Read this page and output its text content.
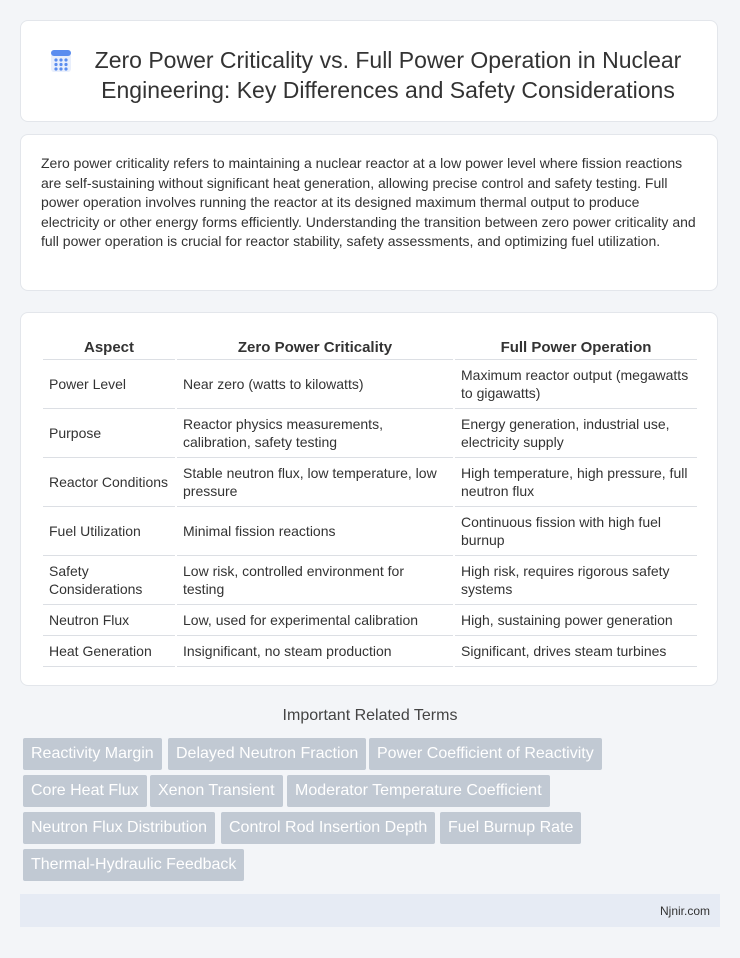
Zero Power Criticality vs. Full Power Operation in Nuclear Engineering: Key Differences and Safety Considerations

Zero power criticality refers to maintaining a nuclear reactor at a low power level where fission reactions are self-sustaining without significant heat generation, allowing precise control and safety testing. Full power operation involves running the reactor at its designed maximum thermal output to produce electricity or other energy forms efficiently. Understanding the transition between zero power criticality and full power operation is crucial for reactor stability, safety assessments, and optimizing fuel utilization.

Aspect	Zero Power Criticality	Full Power Operation
Power Level	Near zero (watts to kilowatts)	Maximum reactor output (megawatts to gigawatts)
Purpose	Reactor physics measurements, calibration, safety testing	Energy generation, industrial use, electricity supply
Reactor Conditions	Stable neutron flux, low temperature, low pressure	High temperature, high pressure, full neutron flux
Fuel Utilization	Minimal fission reactions	Continuous fission with high fuel burnup
Safety Considerations	Low risk, controlled environment for testing	High risk, requires rigorous safety systems
Neutron Flux	Low, used for experimental calibration	High, sustaining power generation
Heat Generation	Insignificant, no steam production	Significant, drives steam turbines
Important Related Terms
Reactivity Margin	Delayed Neutron Fraction	Power Coefficient of Reactivity
Core Heat Flux	Xenon Transient	Moderator Temperature Coefficient
Neutron Flux Distribution	Control Rod Insertion Depth	Fuel Burnup Rate
Thermal-Hydraulic Feedback
Njnir.com
